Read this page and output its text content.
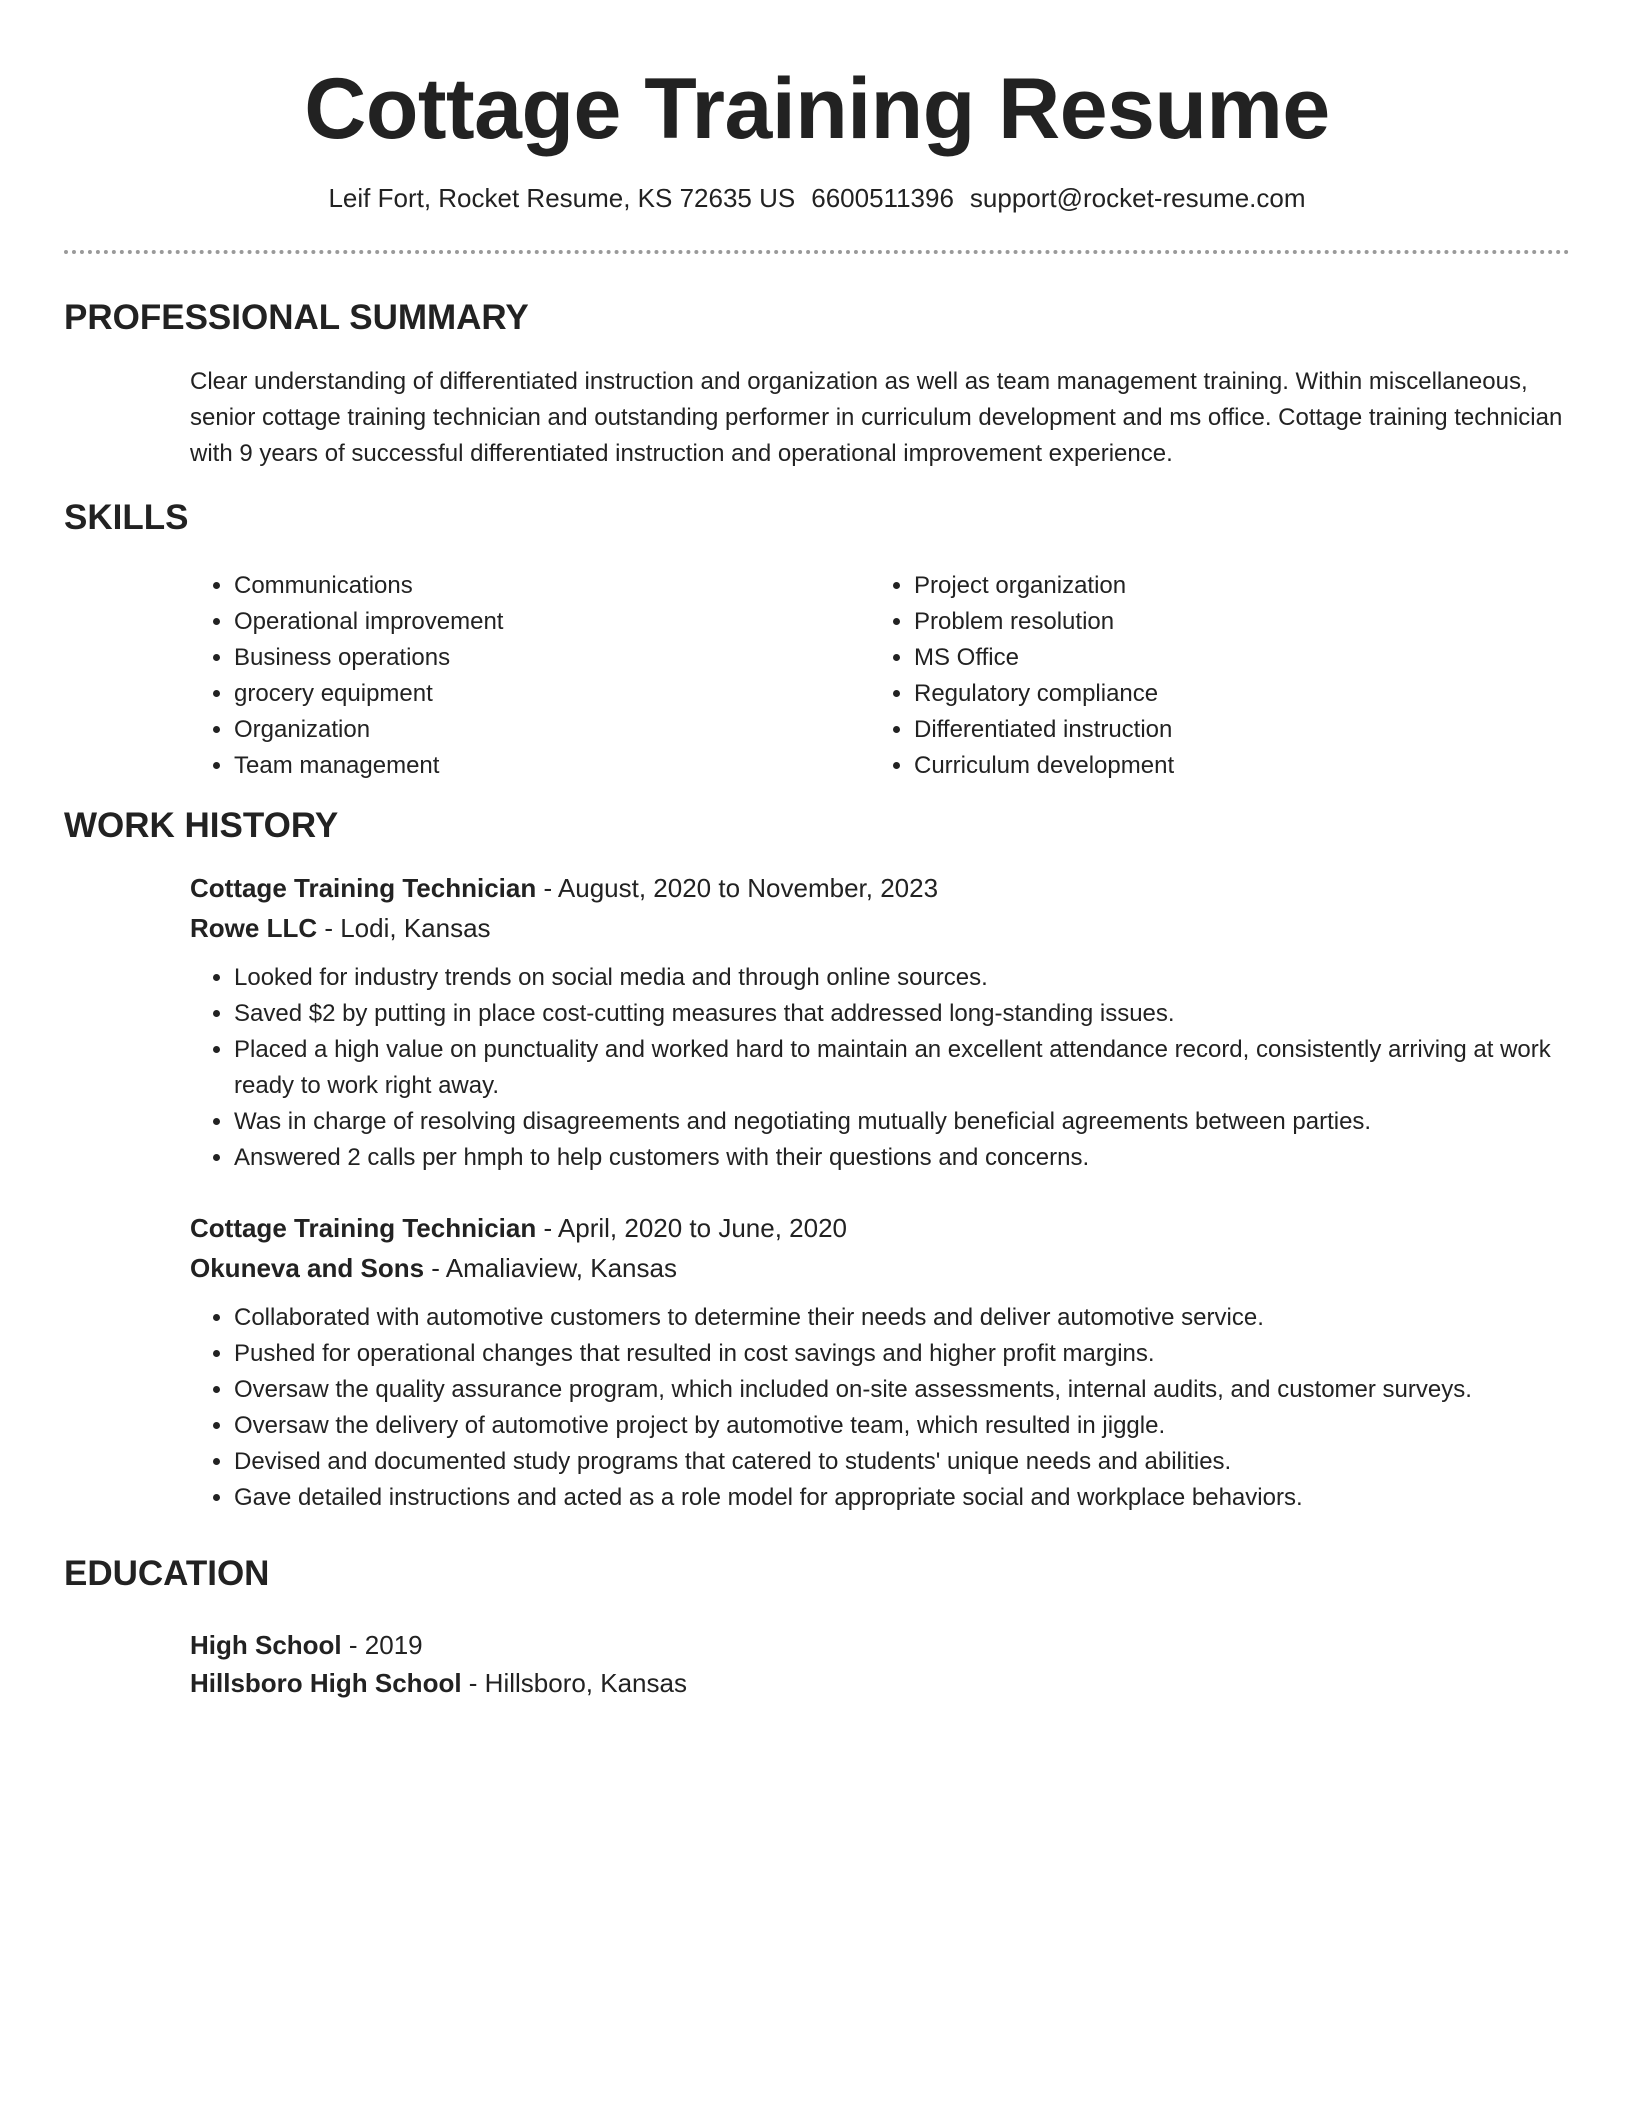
Cottage Training Resume
Leif Fort, Rocket Resume, KS 72635 US 6600511396 support@rocket-resume.com
PROFESSIONAL SUMMARY

Clear understanding of differentiated instruction and organization as well as team management training. Within miscellaneous, senior cottage training technician and outstanding performer in curriculum development and ms office. Cottage training technician with 9 years of successful differentiated instruction and operational improvement experience.

SKILLS
• Communications
• Operational improvement
• Business operations
• grocery equipment
• Organization
• Team management
• Project organization
• Problem resolution
• MS Office
• Regulatory compliance
• Differentiated instruction
• Curriculum development
WORK HISTORY

Cottage Training Technician - August, 2020 to November, 2023

Rowe LLC - Lodi, Kansas

• Looked for industry trends on social media and through online sources.
• Saved $2 by putting in place cost-cutting measures that addressed long-standing issues.
• Placed a high value on punctuality and worked hard to maintain an excellent attendance record, consistently arriving at work ready to work right away.
• Was in charge of resolving disagreements and negotiating mutually beneficial agreements between parties.
• Answered 2 calls per hmph to help customers with their questions and concerns.

Cottage Training Technician - April, 2020 to June, 2020

Okuneva and Sons - Amaliaview, Kansas

• Collaborated with automotive customers to determine their needs and deliver automotive service.
• Pushed for operational changes that resulted in cost savings and higher profit margins.
• Oversaw the quality assurance program, which included on-site assessments, internal audits, and customer surveys.
• Oversaw the delivery of automotive project by automotive team, which resulted in jiggle.
• Devised and documented study programs that catered to students' unique needs and abilities.
• Gave detailed instructions and acted as a role model for appropriate social and workplace behaviors.
EDUCATION

High School - 2019

Hillsboro High School - Hillsboro, Kansas
